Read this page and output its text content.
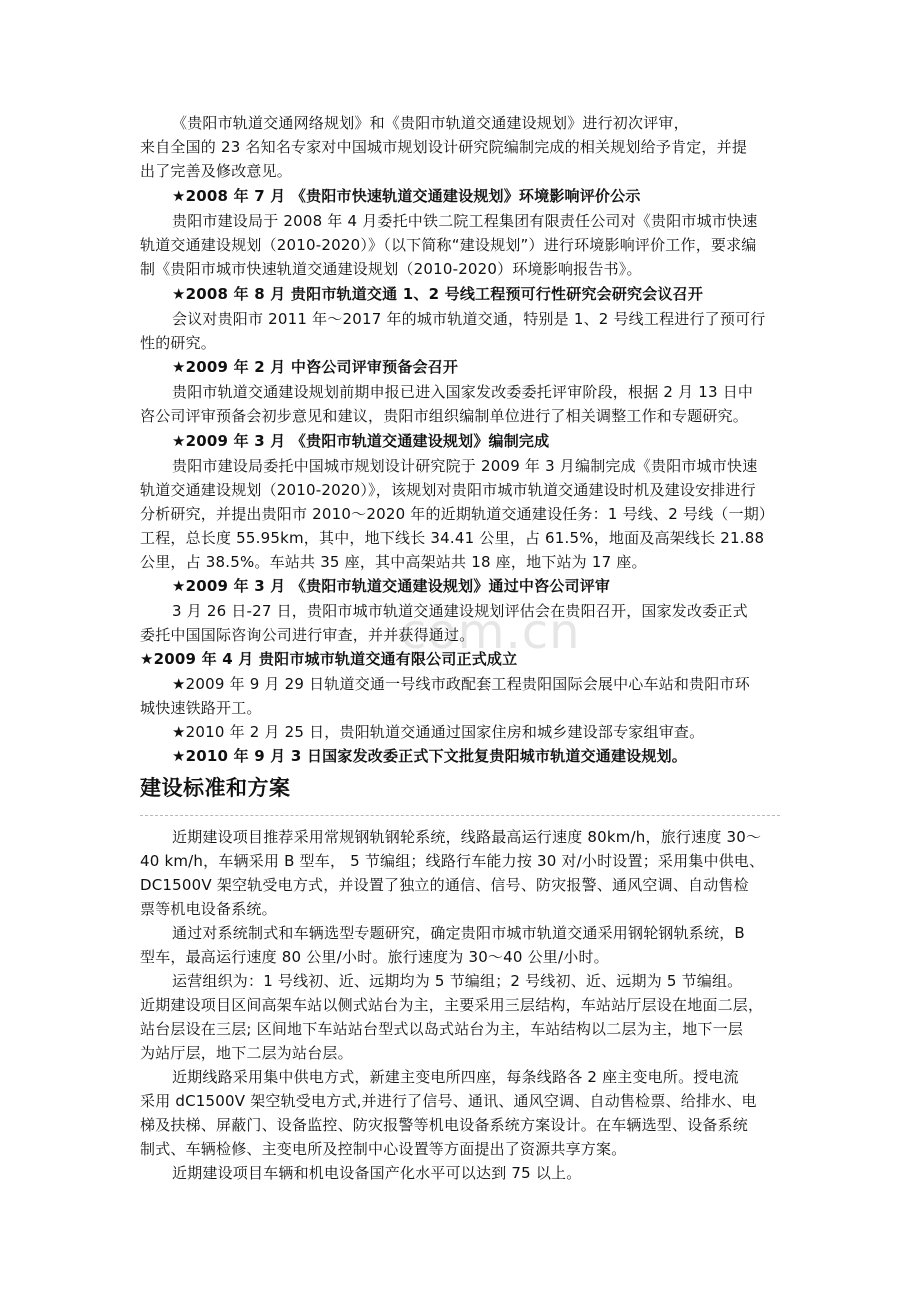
com.cn

《贵阳市轨道交通网络规划》和《贵阳市轨道交通建设规划》进行初次评审，

来自全国的 23 名知名专家对中国城市规划设计研究院编制完成的相关规划给予肯定，并提

出了完善及修改意见。

★2008 年 7 月 《贵阳市快速轨道交通建设规划》环境影响评价公示

贵阳市建设局于 2008 年 4 月委托中铁二院工程集团有限责任公司对《贵阳市城市快速

轨道交通建设规划（2010-2020）》（以下简称“建设规划”）进行环境影响评价工作，要求编

制《贵阳市城市快速轨道交通建设规划（2010-2020）环境影响报告书》。

★2008 年 8 月 贵阳市轨道交通 1、2 号线工程预可行性研究会研究会议召开

会议对贵阳市 2011 年～2017 年的城市轨道交通，特别是 1、2 号线工程进行了预可行

性的研究。

★2009 年 2 月 中咨公司评审预备会召开

贵阳市轨道交通建设规划前期申报已进入国家发改委委托评审阶段，根据 2 月 13 日中

咨公司评审预备会初步意见和建议，贵阳市组织编制单位进行了相关调整工作和专题研究。

★2009 年 3 月 《贵阳市轨道交通建设规划》编制完成

贵阳市建设局委托中国城市规划设计研究院于 2009 年 3 月编制完成《贵阳市城市快速

轨道交通建设规划（2010-2020）》，该规划对贵阳市城市轨道交通建设时机及建设安排进行

分析研究，并提出贵阳市 2010～2020 年的近期轨道交通建设任务：1 号线、2 号线（一期）

工程，总长度 55.95km，其中，地下线长 34.41 公里，占 61.5%，地面及高架线长 21.88

公里，占 38.5%。车站共 35 座，其中高架站共 18 座，地下站为 17 座。

★2009 年 3 月 《贵阳市轨道交通建设规划》通过中咨公司评审

3 月 26 日-27 日，贵阳市城市轨道交通建设规划评估会在贵阳召开，国家发改委正式

委托中国国际咨询公司进行审查，并并获得通过。

★2009 年 4 月 贵阳市城市轨道交通有限公司正式成立

★2009 年 9 月 29 日轨道交通一号线市政配套工程贵阳国际会展中心车站和贵阳市环

城快速铁路开工。

★2010 年 2 月 25 日，贵阳轨道交通通过国家住房和城乡建设部专家组审查。

★2010 年 9 月 3 日国家发改委正式下文批复贵阳城市轨道交通建设规划。

建设标准和方案

近期建设项目推荐采用常规钢轨钢轮系统，线路最高运行速度 80km/h，旅行速度 30～

40 km/h，车辆采用 B 型车， 5 节编组；线路行车能力按 30 对/小时设置；采用集中供电、

DC1500V 架空轨受电方式，并设置了独立的通信、信号、防灾报警、通风空调、自动售检

票等机电设备系统。

通过对系统制式和车辆选型专题研究，确定贵阳市城市轨道交通采用钢轮钢轨系统，B

型车，最高运行速度 80 公里/小时。旅行速度为 30～40 公里/小时。

运营组织为：1 号线初、近、远期均为 5 节编组；2 号线初、近、远期为 5 节编组。

近期建设项目区间高架车站以侧式站台为主，主要采用三层结构，车站站厅层设在地面二层，

站台层设在三层; 区间地下车站站台型式以岛式站台为主，车站结构以二层为主，地下一层

为站厅层，地下二层为站台层。

近期线路采用集中供电方式，新建主变电所四座，每条线路各 2 座主变电所。授电流

采用 dC1500V 架空轨受电方式,并进行了信号、通讯、通风空调、自动售检票、给排水、电

梯及扶梯、屏蔽门、设备监控、防灾报警等机电设备系统方案设计。在车辆选型、设备系统

制式、车辆检修、主变电所及控制中心设置等方面提出了资源共享方案。

近期建设项目车辆和机电设备国产化水平可以达到 75 以上。
